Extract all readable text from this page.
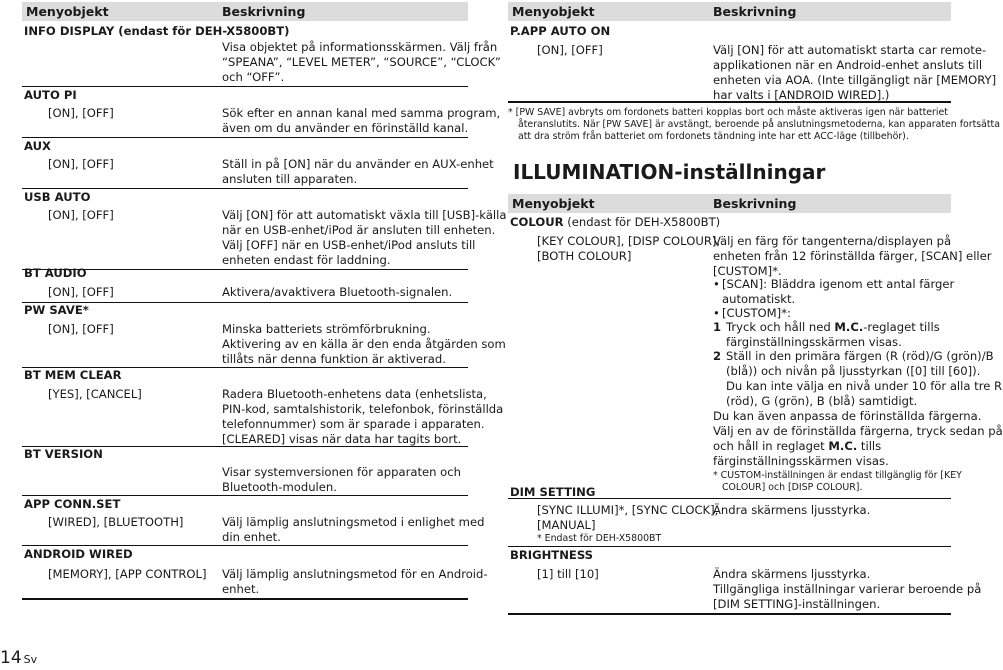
Menyobjekt	Beskrivning
INFO DISPLAY (endast för DEH-X5800BT)
Visa objektet på informationsskärmen. Välj från
“SPEANA”, “LEVEL METER”, “SOURCE”, “CLOCK”
och “OFF”.
AUTO PI
[ON], [OFF]	Sök efter en annan kanal med samma program,
även om du använder en förinställd kanal.
AUX
[ON], [OFF]	Ställ in på [ON] när du använder en AUX-enhet
ansluten till apparaten.
USB AUTO
[ON], [OFF]	Välj [ON] för att automatiskt växla till [USB]-källa
när en USB-enhet/iPod är ansluten till enheten.
Välj [OFF] när en USB-enhet/iPod ansluts till
enheten endast för laddning.
BT AUDIO
[ON], [OFF]	Aktivera/avaktivera Bluetooth-signalen.
PW SAVE*
[ON], [OFF]	Minska batteriets strömförbrukning.
Aktivering av en källa är den enda åtgärden som
tillåts när denna funktion är aktiverad.
BT MEM CLEAR
[YES], [CANCEL]	Radera Bluetooth-enhetens data (enhetslista,
PIN-kod, samtalshistorik, telefonbok, förinställda
telefonnummer) som är sparade i apparaten.
[CLEARED] visas när data har tagits bort.
BT VERSION
Visar systemversionen för apparaten och
Bluetooth-modulen.
APP CONN.SET
[WIRED], [BLUETOOTH]	Välj lämplig anslutningsmetod i enlighet med
din enhet.
ANDROID WIRED
[MEMORY], [APP CONTROL] Välj lämplig anslutningsmetod för en Android-
enhet.
14 Sv
Menyobjekt	Beskrivning
P.APP AUTO ON
[ON], [OFF]	Välj [ON] för att automatiskt starta car remote-
applikationen när en Android-enhet ansluts till
enheten via AOA. (Inte tillgängligt när [MEMORY]
har valts i [ANDROID WIRED].)
* [PW SAVE] avbryts om fordonets batteri kopplas bort och måste aktiveras igen när batteriet
återanslutits. När [PW SAVE] är avstängt, beroende på anslutningsmetoderna, kan apparaten fortsätta
att dra ström från batteriet om fordonets tändning inte har ett ACC-läge (tillbehör).
ILLUMINATION-inställningar
Menyobjekt	Beskrivning
COLOUR (endast för DEH-X5800BT)
[KEY COLOUR], [DISP COLOUR],
[BOTH COLOUR]
Välj en färg för tangenterna/displayen på
enheten från 12 förinställda färger, [SCAN] eller
[CUSTOM]*.
• [SCAN]: Bläddra igenom ett antal färger
automatiskt.
• [CUSTOM]*:
1 Tryck och håll ned M.C.-reglaget tills
färginställningsskärmen visas.
2 Ställ in den primära färgen (R (röd)/G (grön)/B
(blå)) och nivån på ljusstyrkan ([0] till [60]).
Du kan inte välja en nivå under 10 för alla tre R
(röd), G (grön), B (blå) samtidigt.
Du kan även anpassa de förinställda färgerna.
Välj en av de förinställda färgerna, tryck sedan på
och håll in reglaget M.C. tills
färginställningsskärmen visas.
* CUSTOM-inställningen är endast tillgänglig för [KEY
COLOUR] och [DISP COLOUR].
DIM SETTING
[SYNC ILLUMI]*, [SYNC CLOCK],
[MANUAL]
* Endast för DEH-X5800BT
Ändra skärmens ljusstyrka.
BRIGHTNESS
[1] till [10]	Ändra skärmens ljusstyrka.
Tillgängliga inställningar varierar beroende på
[DIM SETTING]-inställningen.
